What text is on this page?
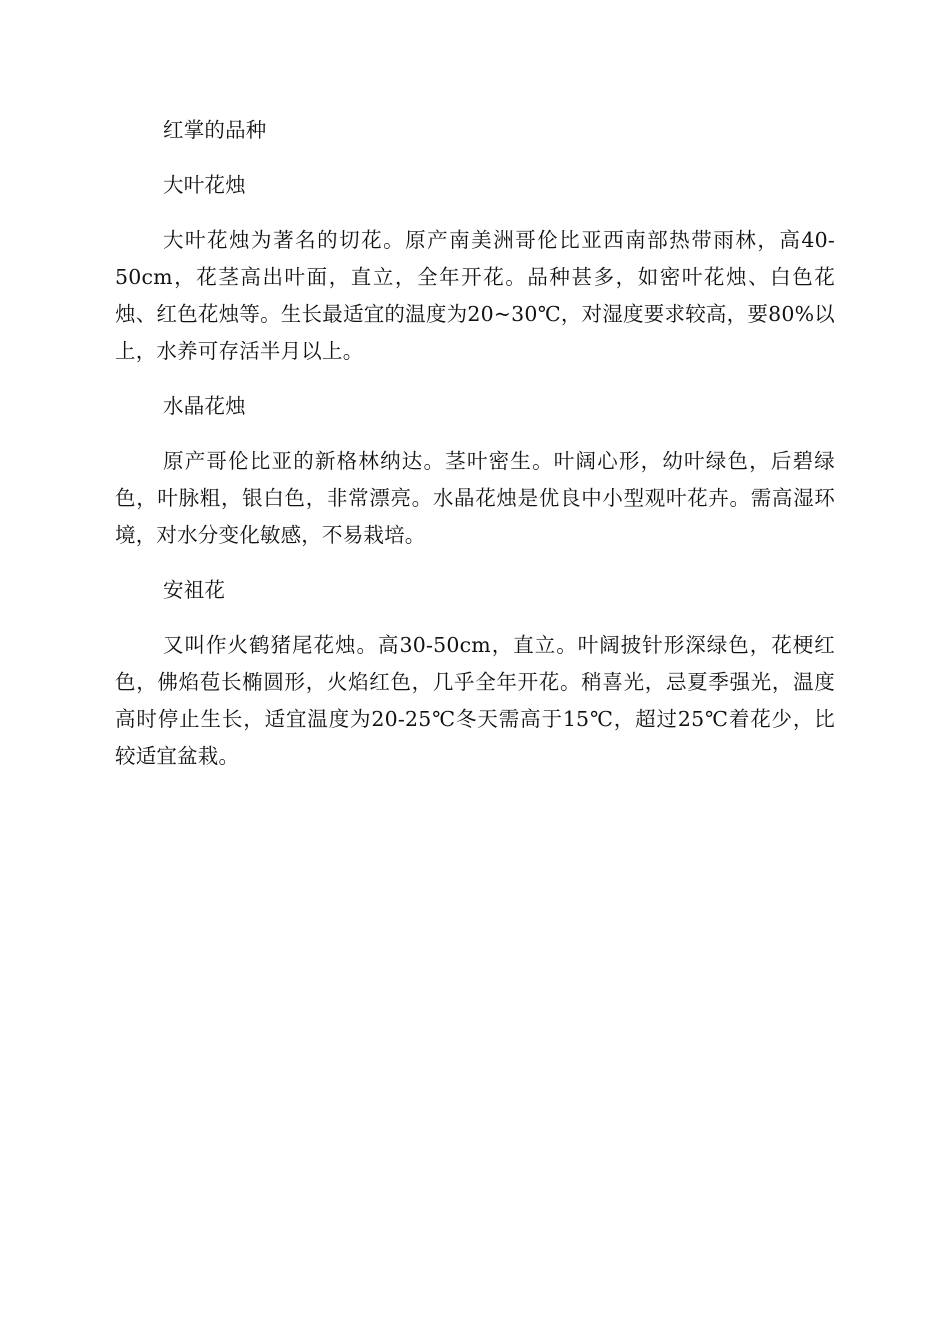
红掌的品种

大叶花烛

大叶花烛为著名的切花。原产南美洲哥伦比亚西南部热带雨林，高40-50cm，花茎高出叶面，直立，全年开花。品种甚多，如密叶花烛、白色花烛、红色花烛等。生长最适宜的温度为20~30℃，对湿度要求较高，要80%以上，水养可存活半月以上。

水晶花烛

原产哥伦比亚的新格林纳达。茎叶密生。叶阔心形，幼叶绿色，后碧绿色，叶脉粗，银白色，非常漂亮。水晶花烛是优良中小型观叶花卉。需高湿环境，对水分变化敏感，不易栽培。

安祖花

又叫作火鹤猪尾花烛。高30-50cm，直立。叶阔披针形深绿色，花梗红色，佛焰苞长椭圆形，火焰红色，几乎全年开花。稍喜光，忌夏季强光，温度高时停止生长，适宜温度为20-25℃冬天需高于15℃，超过25℃着花少，比较适宜盆栽。
